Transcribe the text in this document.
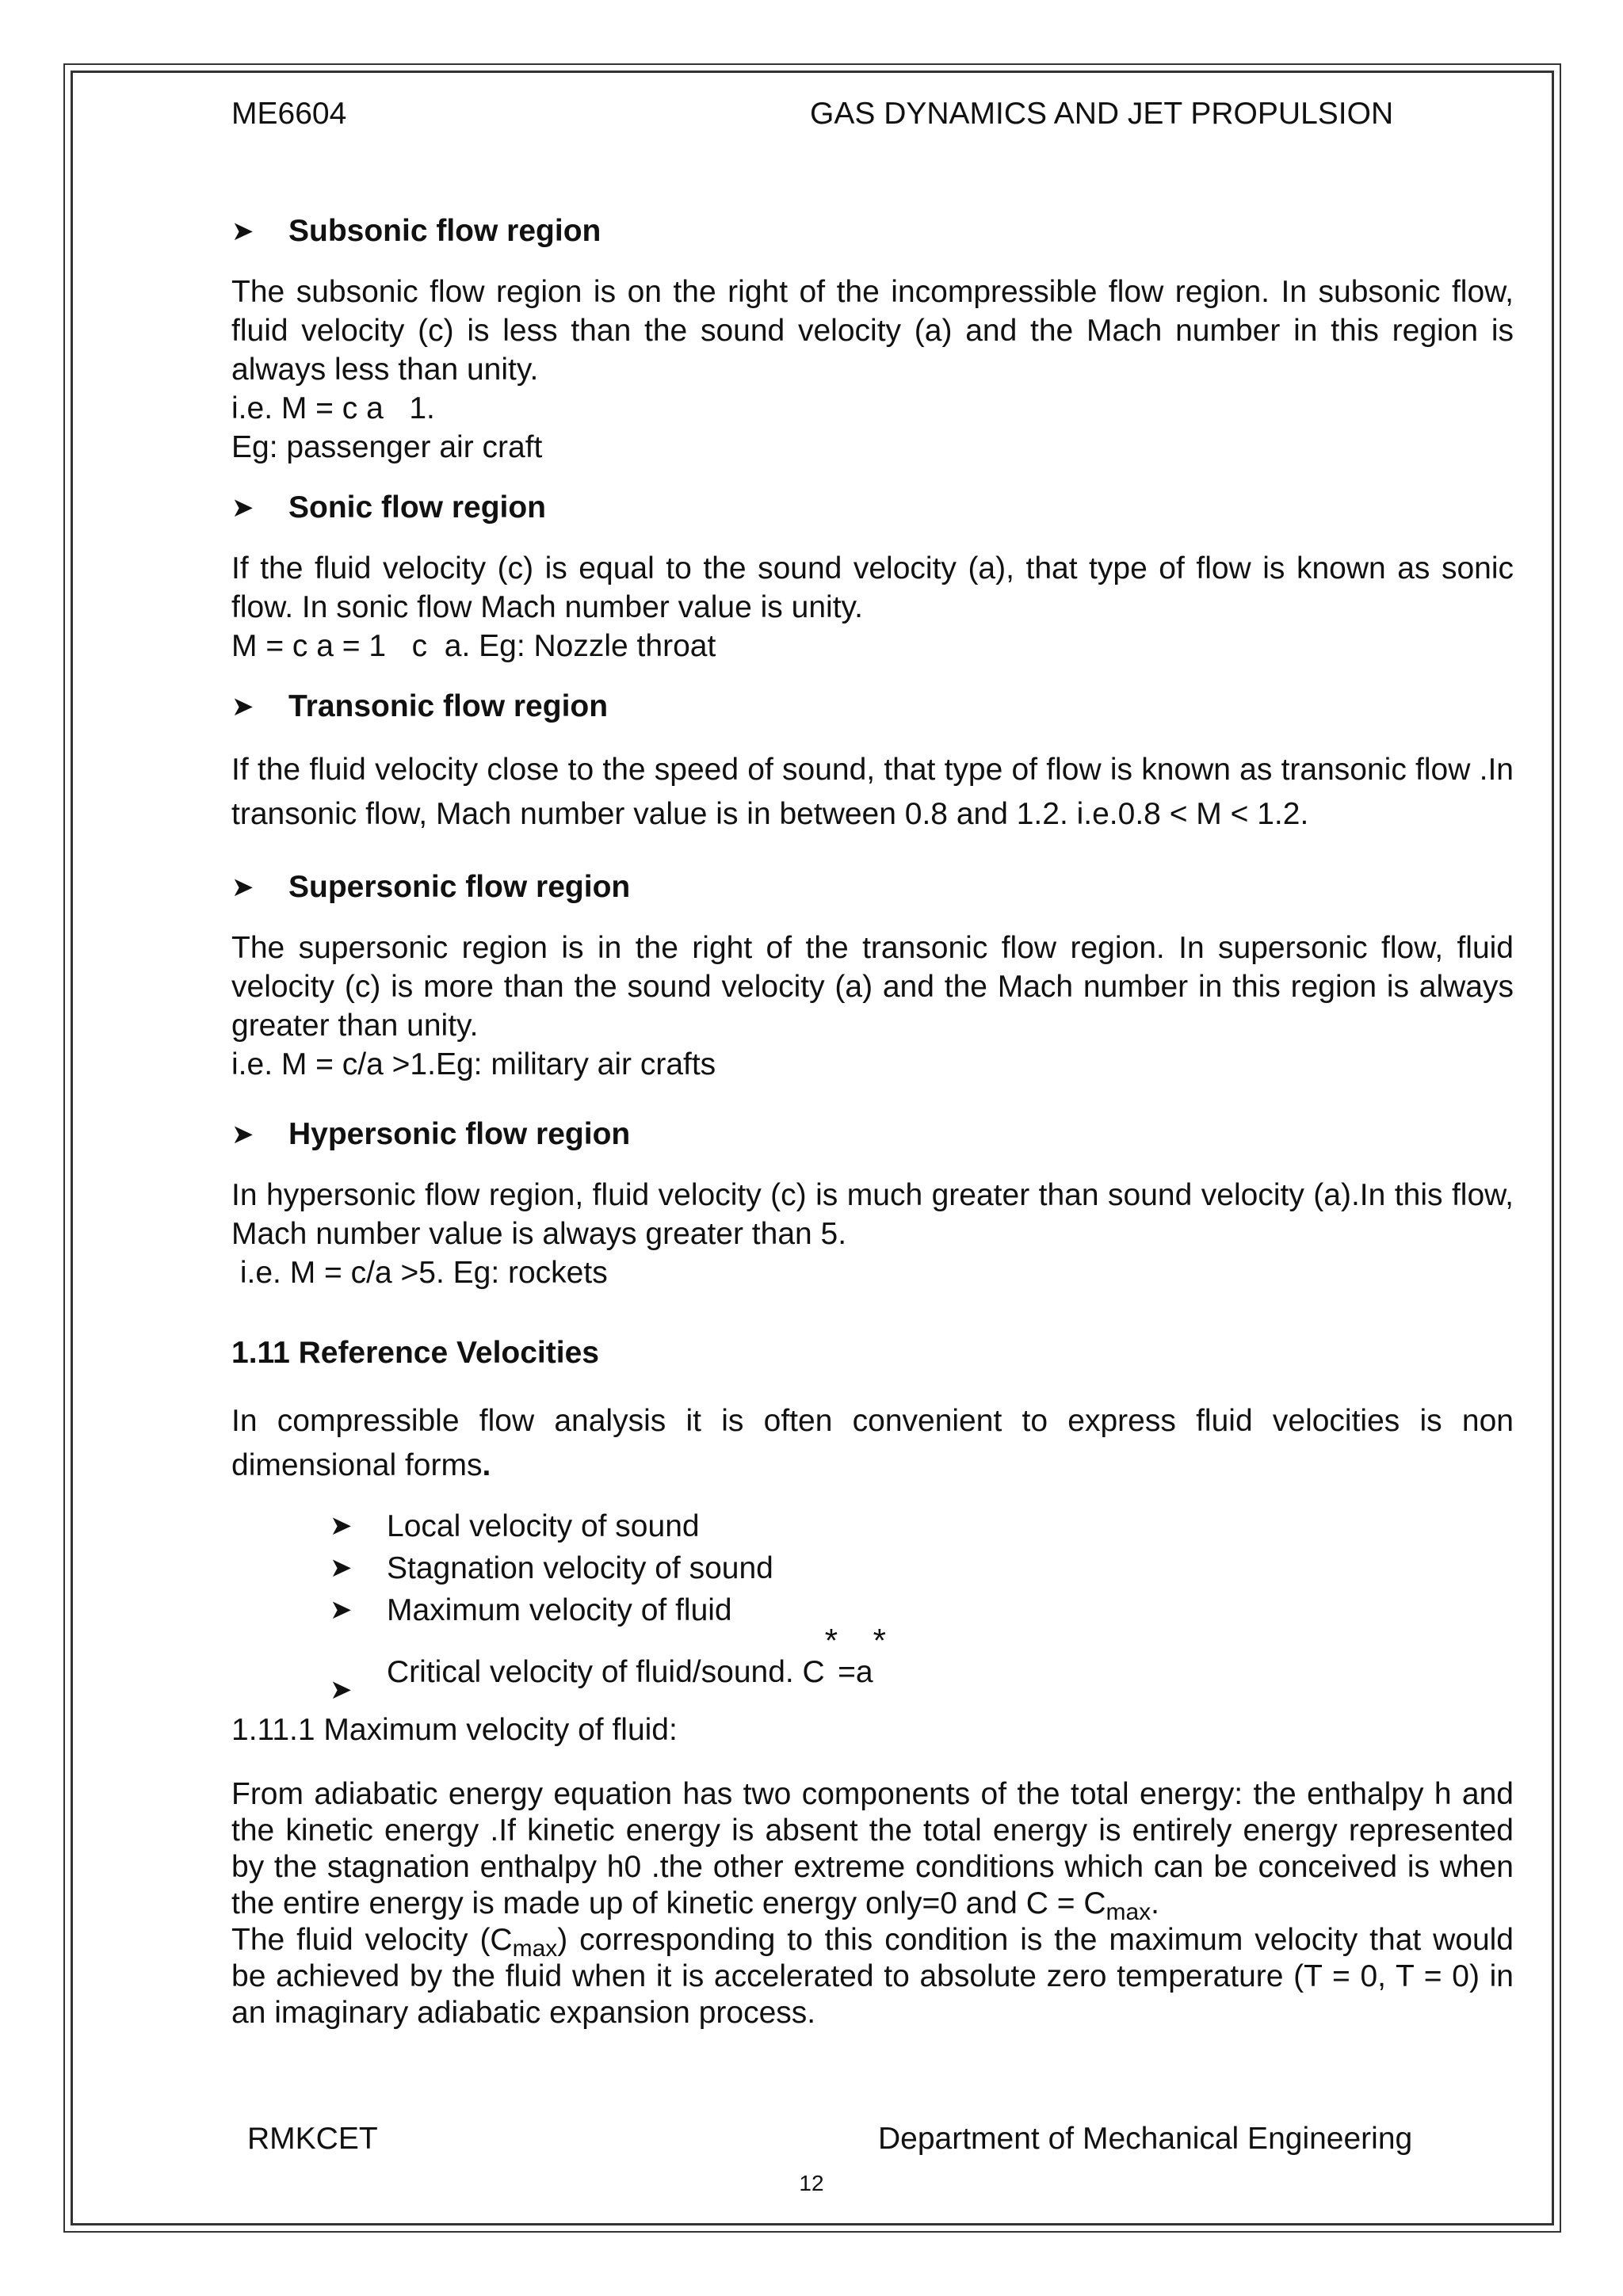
ME6604	GAS DYNAMICS AND JET PROPULSION
➤ Subsonic flow region

The subsonic flow region is on the right of the incompressible flow region. In subsonic flow, fluid velocity (c) is less than the sound velocity (a) and the Mach number in this region is always less than unity.

i.e. M = c a   1.

Eg: passenger air craft

➤ Sonic flow region

If the fluid velocity (c) is equal to the sound velocity (a), that type of flow is known as sonic flow. In sonic flow Mach number value is unity.

M = c a = 1   c  a. Eg: Nozzle throat

➤ Transonic flow region

If the fluid velocity close to the speed of sound, that type of flow is known as transonic flow .In transonic flow, Mach number value is in between 0.8 and 1.2. i.e.0.8 < M < 1.2.

➤ Supersonic flow region

The supersonic region is in the right of the transonic flow region. In supersonic flow, fluid velocity (c) is more than the sound velocity (a) and the Mach number in this region is always greater than unity.

i.e. M = c/a >1.Eg: military air crafts

➤ Hypersonic flow region

In hypersonic flow region, fluid velocity (c) is much greater than sound velocity (a).In this flow, Mach number value is always greater than 5.

i.e. M = c/a >5. Eg: rockets

1.11 Reference Velocities

In compressible flow analysis it is often convenient to express fluid velocities is non dimensional forms.

➤ Local velocity of sound
➤ Stagnation velocity of sound
➤ Maximum velocity of fluid
➤
Critical velocity of fluid/sound. C*=a*

1.11.1 Maximum velocity of fluid:

From adiabatic energy equation has two components of the total energy: the enthalpy h and the kinetic energy .If kinetic energy is absent the total energy is entirely energy represented by the stagnation enthalpy h0 .the other extreme conditions which can be conceived is when the entire energy is made up of kinetic energy only=0 and $C = C_{max}$.

The fluid velocity $(C_{max})$ corresponding to this condition is the maximum velocity that would be achieved by the fluid when it is accelerated to absolute zero temperature (T = 0, T = 0) in an imaginary adiabatic expansion process.

RMKCET	Department of Mechanical Engineering
12
